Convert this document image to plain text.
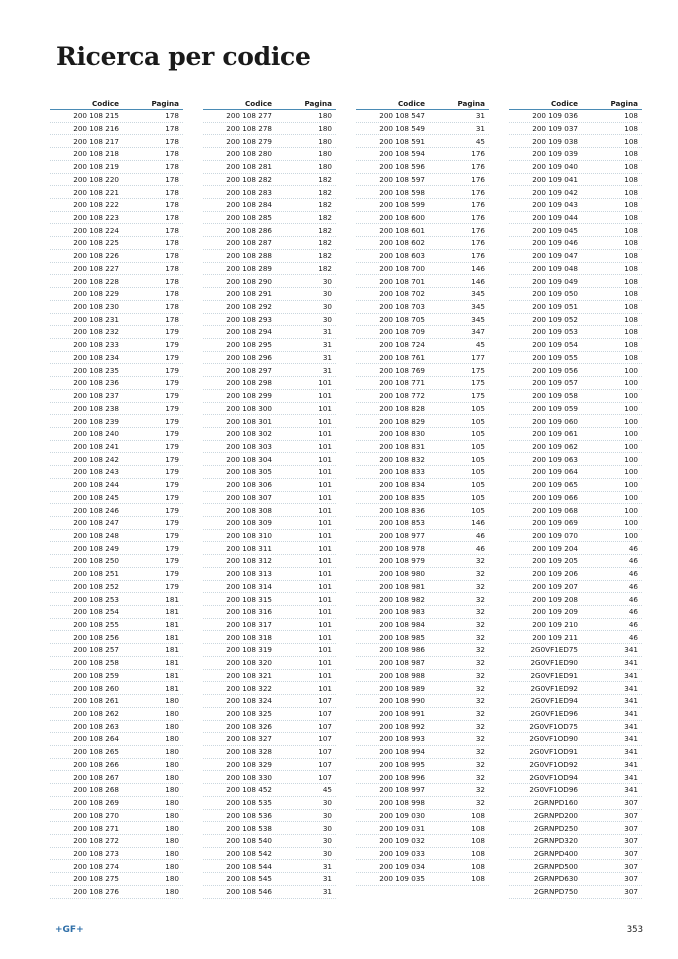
Ricerca per codice
Codice	Pagina
200 108 215	178
200 108 216	178
200 108 217	178
200 108 218	178
200 108 219	178
200 108 220	178
200 108 221	178
200 108 222	178
200 108 223	178
200 108 224	178
200 108 225	178
200 108 226	178
200 108 227	178
200 108 228	178
200 108 229	178
200 108 230	178
200 108 231	178
200 108 232	179
200 108 233	179
200 108 234	179
200 108 235	179
200 108 236	179
200 108 237	179
200 108 238	179
200 108 239	179
200 108 240	179
200 108 241	179
200 108 242	179
200 108 243	179
200 108 244	179
200 108 245	179
200 108 246	179
200 108 247	179
200 108 248	179
200 108 249	179
200 108 250	179
200 108 251	179
200 108 252	179
200 108 253	181
200 108 254	181
200 108 255	181
200 108 256	181
200 108 257	181
200 108 258	181
200 108 259	181
200 108 260	181
200 108 261	180
200 108 262	180
200 108 263	180
200 108 264	180
200 108 265	180
200 108 266	180
200 108 267	180
200 108 268	180
200 108 269	180
200 108 270	180
200 108 271	180
200 108 272	180
200 108 273	180
200 108 274	180
200 108 275	180
200 108 276	180
Codice	Pagina
200 108 277	180
200 108 278	180
200 108 279	180
200 108 280	180
200 108 281	180
200 108 282	182
200 108 283	182
200 108 284	182
200 108 285	182
200 108 286	182
200 108 287	182
200 108 288	182
200 108 289	182
200 108 290	30
200 108 291	30
200 108 292	30
200 108 293	30
200 108 294	31
200 108 295	31
200 108 296	31
200 108 297	31
200 108 298	101
200 108 299	101
200 108 300	101
200 108 301	101
200 108 302	101
200 108 303	101
200 108 304	101
200 108 305	101
200 108 306	101
200 108 307	101
200 108 308	101
200 108 309	101
200 108 310	101
200 108 311	101
200 108 312	101
200 108 313	101
200 108 314	101
200 108 315	101
200 108 316	101
200 108 317	101
200 108 318	101
200 108 319	101
200 108 320	101
200 108 321	101
200 108 322	101
200 108 324	107
200 108 325	107
200 108 326	107
200 108 327	107
200 108 328	107
200 108 329	107
200 108 330	107
200 108 452	45
200 108 535	30
200 108 536	30
200 108 538	30
200 108 540	30
200 108 542	30
200 108 544	31
200 108 545	31
200 108 546	31
Codice	Pagina
200 108 547	31
200 108 549	31
200 108 591	45
200 108 594	176
200 108 596	176
200 108 597	176
200 108 598	176
200 108 599	176
200 108 600	176
200 108 601	176
200 108 602	176
200 108 603	176
200 108 700	146
200 108 701	146
200 108 702	345
200 108 703	345
200 108 705	345
200 108 709	347
200 108 724	45
200 108 761	177
200 108 769	175
200 108 771	175
200 108 772	175
200 108 828	105
200 108 829	105
200 108 830	105
200 108 831	105
200 108 832	105
200 108 833	105
200 108 834	105
200 108 835	105
200 108 836	105
200 108 853	146
200 108 977	46
200 108 978	46
200 108 979	32
200 108 980	32
200 108 981	32
200 108 982	32
200 108 983	32
200 108 984	32
200 108 985	32
200 108 986	32
200 108 987	32
200 108 988	32
200 108 989	32
200 108 990	32
200 108 991	32
200 108 992	32
200 108 993	32
200 108 994	32
200 108 995	32
200 108 996	32
200 108 997	32
200 108 998	32
200 109 030	108
200 109 031	108
200 109 032	108
200 109 033	108
200 109 034	108
200 109 035	108
Codice	Pagina
200 109 036	108
200 109 037	108
200 109 038	108
200 109 039	108
200 109 040	108
200 109 041	108
200 109 042	108
200 109 043	108
200 109 044	108
200 109 045	108
200 109 046	108
200 109 047	108
200 109 048	108
200 109 049	108
200 109 050	108
200 109 051	108
200 109 052	108
200 109 053	108
200 109 054	108
200 109 055	108
200 109 056	100
200 109 057	100
200 109 058	100
200 109 059	100
200 109 060	100
200 109 061	100
200 109 062	100
200 109 063	100
200 109 064	100
200 109 065	100
200 109 066	100
200 109 068	100
200 109 069	100
200 109 070	100
200 109 204	46
200 109 205	46
200 109 206	46
200 109 207	46
200 109 208	46
200 109 209	46
200 109 210	46
200 109 211	46
2G0VF1ED75	341
2G0VF1ED90	341
2G0VF1ED91	341
2G0VF1ED92	341
2G0VF1ED94	341
2G0VF1ED96	341
2G0VF1OD75	341
2G0VF1OD90	341
2G0VF1OD91	341
2G0VF1OD92	341
2G0VF1OD94	341
2G0VF1OD96	341
2GRNPD160	307
2GRNPD200	307
2GRNPD250	307
2GRNPD320	307
2GRNPD400	307
2GRNPD500	307
2GRNPD630	307
2GRNPD750	307
+GF+	353
